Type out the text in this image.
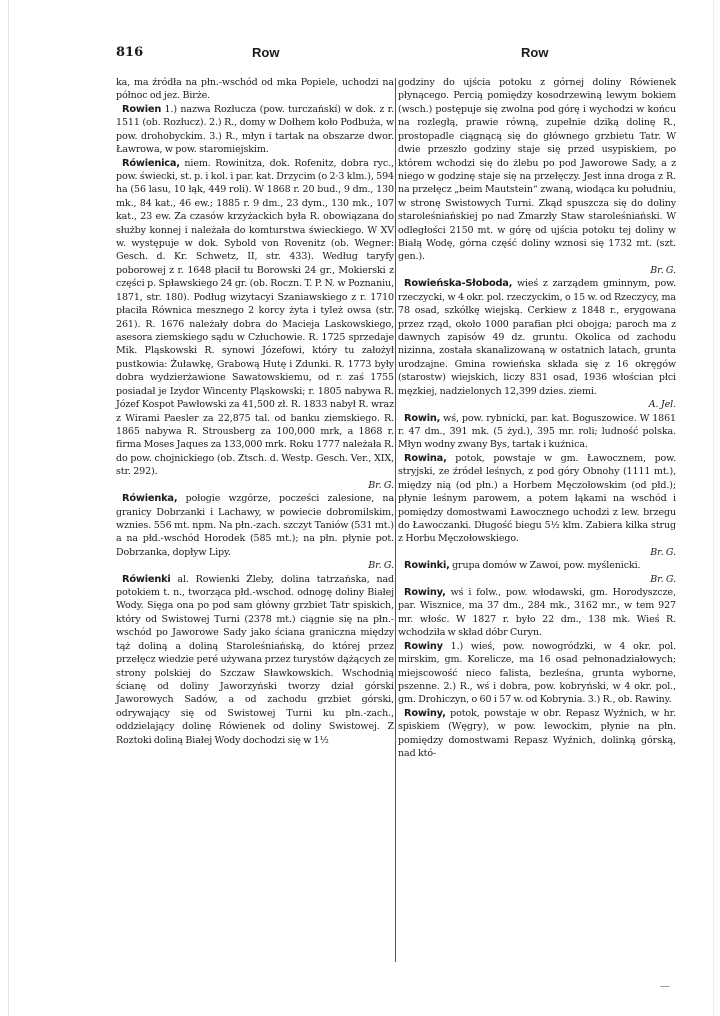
816	Row	Row

ka, ma źródła na płn.-wschód od mka Popiele, uchodzi na północ od jez. Birże.

Rowien 1.) nazwa Rozłucza (pow. turczańskí) w dok. z r. 1511 (ob. Rozłucz). 2.) R., domy w Dołhem koło Podbuża, w pow. drohobyckim. 3.) R., młyn i tartak na obszarze dwor. Ławrowa, w pow. staromiejskim.

Rówienica, niem. Rowinitza, dok. Rofenitz, dobra ryc., pow. świecki, st. p. i kol. i par. kat. Drzycim (o 2·3 klm.), 594 ha (56 lasu, 10 łąk, 449 roli). W 1868 r. 20 bud., 9 dm., 130 mk., 84 kat., 46 ew.; 1885 r. 9 dm., 23 dym., 130 mk., 107 kat., 23 ew. Za czasów krzyżackich była R. obowiązana do służby konnej i należała do komturstwa świeckiego. W XV w. występuje w dok. Sybold von Rovenitz (ob. Wegner: Gesch. d. Kr. Schwetz, II, str. 433). Według taryfy poborowej z r. 1648 płacił tu Borowski 24 gr., Mokierski z części p. Spławskiego 24 gr. (ob. Roczn. T. P. N. w Poznaniu, 1871, str. 180). Podług wizytacyi Szaniawskiego z r. 1710 płaciła Równica mesznego 2 korcy żyta i tyleż owsa (str. 261). R. 1676 należały dobra do Macieja Laskowskiego, asesora ziemskiego sądu w Człuchowie. R. 1725 sprzedaje Mik. Pląskowski R. synowi Józefowi, który tu założył pustkowia: Żuławkę, Grabową Hutę i Zdunki. R. 1773 były dobra wydzierżawione Sawatowskiemu, od r. zaś 1755 posiadał je Izydor Wincenty Pląskowski; r. 1805 nabywa R. Józef Kospot Pawłowski za 41,500 zł. R. 1833 nabył R. wraz z Wirami Paesler za 22,875 tal. od banku ziemskiego. R. 1865 nabywa R. Strousberg za 100,000 mrk, a 1868 r. firma Moses Jaques za 133,000 mrk. Roku 1777 należała R. do pow. chojnickiego (ob. Ztsch. d. Westp. Gesch. Ver., XIX, str. 292).

Br. G.

Rówienka, połogie wzgórze, pocześci zalesione, na granicy Dobrzanki i Lachawy, w powiecie dobromilskim, wznies. 556 mt. npm. Na płn.-zach. szczyt Taniów (531 mt.) a na płd.-wschód Horodek (585 mt.); na płn. płynie pot. Dobrzanka, dopływ Lipy.

Br. G.

Rówienki al. Rowienki Żleby, dolina tatrzańska, nad potokiem t. n., tworząca płd.-wschod. odnogę doliny Białej Wody. Sięga ona po pod sam główny grzbiet Tatr spiskich, który od Swistowej Turni (2378 mt.) ciągnie się na płn.-wschód po Jaworowe Sady jako ściana graniczna między tąż doliną a doliną Staroleśniańską, do której przez przełęcz wiedzie peré używana przez turystów dążących ze strony polskiej do Szczaw Sławkowskich. Wschodnią ścianę od doliny Jaworzyński tworzy dział górski Jaworowych Sadów, a od zachodu grzbiet górski, odrywający się od Swistowej Turni ku płn.-zach., oddzielający dolinę Rówienek od doliny Swistowej. Z Roztoki doliną Białej Wody dochodzi się w 1½

godziny do ujścia potoku z górnej doliny Rówienek płynącego. Percią pomiędzy kosodrzewiną lewym bokiem (wsch.) postępuje się zwolna pod górę i wychodzi w końcu na rozległą, prawie równą, zupełnie dziką dolinę R., prostopadle ciągnącą się do głównego grzbietu Tatr. W dwie przeszło godziny staje się przed usypiskiem, po którem wchodzi się do żlebu po pod Jaworowe Sady, a z niego w godzinę staje się na przełęczy. Jest inna droga z R. na przełęcz „beim Mautstein“ zwaną, wiodąca ku południu, w stronę Swistowych Turni. Zkąd spuszcza się do doliny staroleśniańskiej po nad Zmarzły Staw staroleśniański. W odległości 2150 mt. w górę od ujścia potoku tej doliny w Białą Wodę, górna część doliny wznosi się 1732 mt. (szt. gen.).

Br. G.

Rowieńska-Słoboda, wieś z zarządem gminnym, pow. rzeczycki, w 4 okr. pol. rzeczyckim, o 15 w. od Rzeczycy, ma 78 osad, szkółkę wiejską. Cerkiew z 1848 r., erygowana przez rząd, około 1000 parafian płci obojga; paroch ma z dawnych zapisów 49 dz. gruntu. Okolica od zachodu nizinna, została skanalizowaną w ostatnich latach, grunta urodzajne. Gmina rowieńska składa się z 16 okręgów (starostw) wiejskich, liczy 831 osad, 1936 włościan płci męzkiej, nadzielonych 12,399 dzies. ziemi.

A. Jel.

Rowin, wś, pow. rybnicki, par. kat. Boguszowice. W 1861 r. 47 dm., 391 mk. (5 żyd.), 395 mr. roli; ludność polska. Młyn wodny zwany Bys, tartak i kuźnica.

Rowina, potok, powstaje w gm. Ławocznem, pow. stryjski, ze źródeł leśnych, z pod góry Obnohy (1111 mt.), między nią (od płn.) a Horbem Męczołowskim (od płd.); płynie leśnym parowem, a potem łąkami na wschód i pomiędzy domostwami Ławocznego uchodzi z lew. brzegu do Ławoczanki. Długość biegu 5½ klm. Zabiera kilka strug z Horbu Męczołowskiego.

Br. G.

Rowinki, grupa domów w Zawoi, pow. myślenicki.

Br. G.

Rowiny, wś i folw., pow. włodawski, gm. Horodyszcze, par. Wisznice, ma 37 dm., 284 mk., 3162 mr., w tem 927 mr. włośc. W 1827 r. było 22 dm., 138 mk. Wieś R. wchodziła w skład dóbr Curyn.

Rowiny 1.) wieś, pow. nowogródzki, w 4 okr. pol. mirskim, gm. Korelicze, ma 16 osad pełnonadziałowych; miejscowość nieco falista, bezleśna, grunta wyborne, pszenne. 2.) R., wś i dobra, pow. kobryński, w 4 okr. pol., gm. Drohiczyn, o 60 i 57 w. od Kobrynia. 3.) R., ob. Rawiny.

Rowiny, potok, powstaje w obr. Repasz Wyźnich, w hr. spiskiem (Węgry), w pow. lewockim, płynie na płn. pomiędzy domostwami Repasz Wyźnich, dolinką górską, nad któ-

—
